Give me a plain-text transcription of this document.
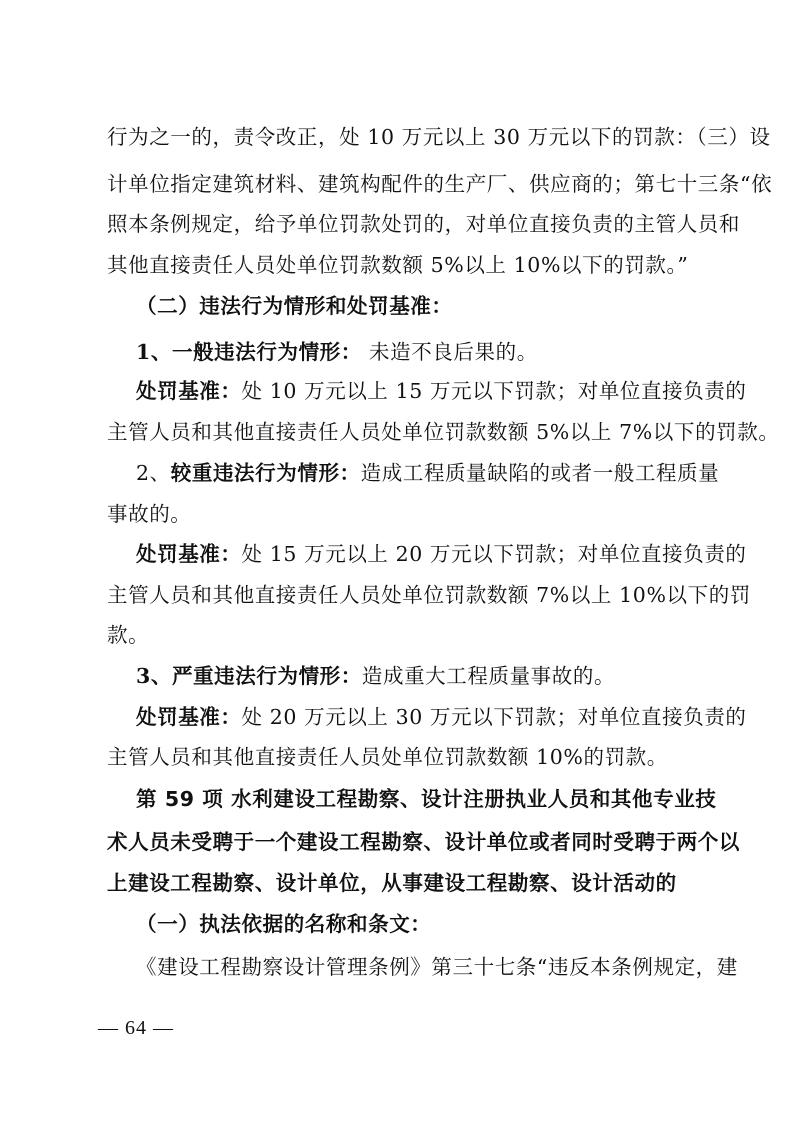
行为之一的，责令改正，处 10 万元以上 30 万元以下的罚款：（三）设
计单位指定建筑材料、建筑构配件的生产厂、供应商的；第七十三条“依
照本条例规定，给予单位罚款处罚的，对单位直接负责的主管人员和
其他直接责任人员处单位罚款数额 5%以上 10%以下的罚款。”
（二）违法行为情形和处罚基准：
1、一般违法行为情形： 未造不良后果的。
处罚基准：处 10 万元以上 15 万元以下罚款；对单位直接负责的
主管人员和其他直接责任人员处单位罚款数额 5%以上 7%以下的罚款。
2、较重违法行为情形：造成工程质量缺陷的或者一般工程质量
事故的。
处罚基准：处 15 万元以上 20 万元以下罚款；对单位直接负责的
主管人员和其他直接责任人员处单位罚款数额 7%以上 10%以下的罚
款。
3、严重违法行为情形：造成重大工程质量事故的。
处罚基准：处 20 万元以上 30 万元以下罚款；对单位直接负责的
主管人员和其他直接责任人员处单位罚款数额 10%的罚款。
第 59 项 水利建设工程勘察、设计注册执业人员和其他专业技
术人员未受聘于一个建设工程勘察、设计单位或者同时受聘于两个以
上建设工程勘察、设计单位，从事建设工程勘察、设计活动的
（一）执法依据的名称和条文：
《建设工程勘察设计管理条例》第三十七条“违反本条例规定，建
— 64 —
